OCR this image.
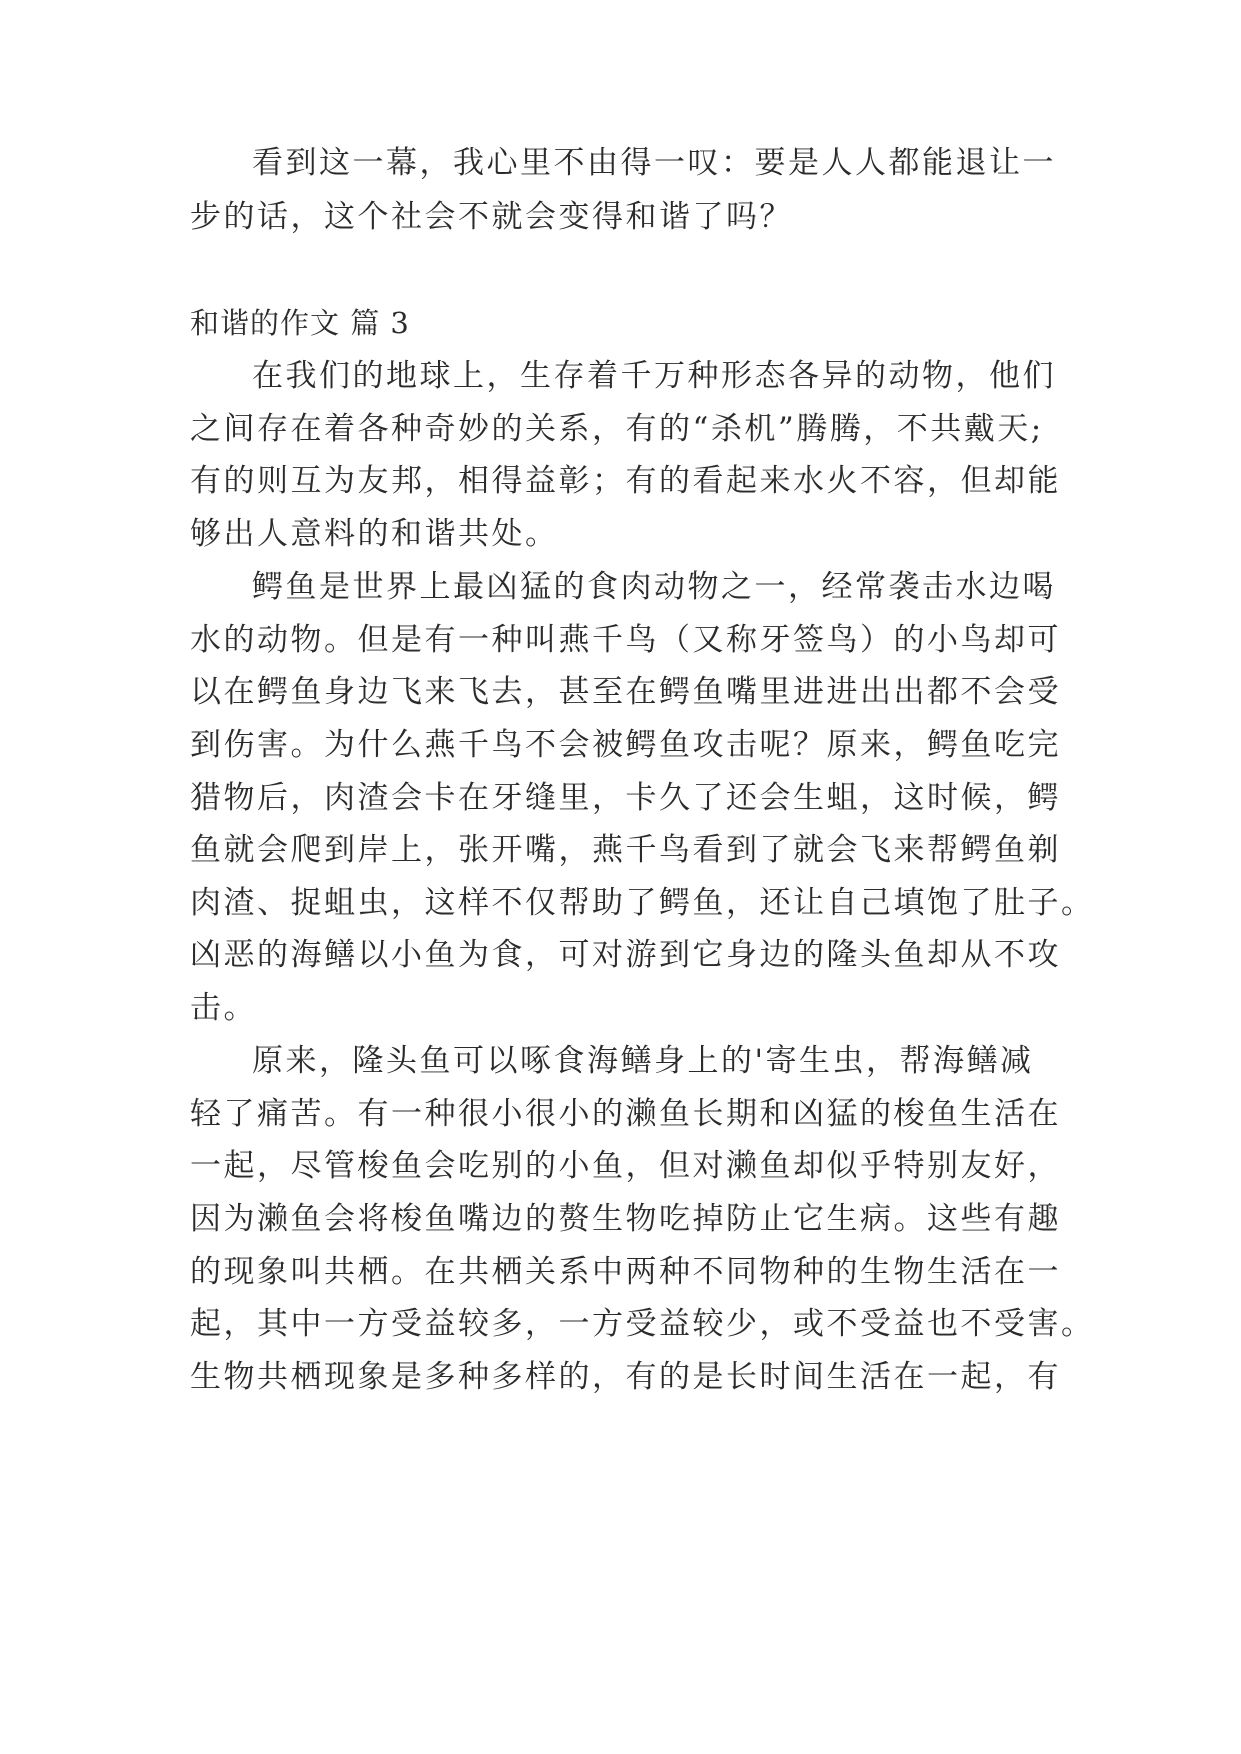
看到这一幕，我心里不由得一叹：要是人人都能退让一
步的话，这个社会不就会变得和谐了吗？
和谐的作文 篇 3
在我们的地球上，生存着千万种形态各异的动物，他们
之间存在着各种奇妙的关系，有的“杀机”腾腾，不共戴天;
有的则互为友邦，相得益彰；有的看起来水火不容，但却能
够出人意料的和谐共处。
鳄鱼是世界上最凶猛的食肉动物之一，经常袭击水边喝
水的动物。但是有一种叫燕千鸟（又称牙签鸟）的小鸟却可
以在鳄鱼身边飞来飞去，甚至在鳄鱼嘴里进进出出都不会受
到伤害。为什么燕千鸟不会被鳄鱼攻击呢？原来，鳄鱼吃完
猎物后，肉渣会卡在牙缝里，卡久了还会生蛆，这时候，鳄
鱼就会爬到岸上，张开嘴，燕千鸟看到了就会飞来帮鳄鱼剃
肉渣、捉蛆虫，这样不仅帮助了鳄鱼，还让自己填饱了肚子。
凶恶的海鳝以小鱼为食，可对游到它身边的隆头鱼却从不攻
击。
原来，隆头鱼可以啄食海鳝身上的'寄生虫，帮海鳝减
轻了痛苦。有一种很小很小的濑鱼长期和凶猛的梭鱼生活在
一起，尽管梭鱼会吃别的小鱼，但对濑鱼却似乎特别友好，
因为濑鱼会将梭鱼嘴边的赘生物吃掉防止它生病。这些有趣
的现象叫共栖。在共栖关系中两种不同物种的生物生活在一
起，其中一方受益较多，一方受益较少，或不受益也不受害。
生物共栖现象是多种多样的，有的是长时间生活在一起，有
